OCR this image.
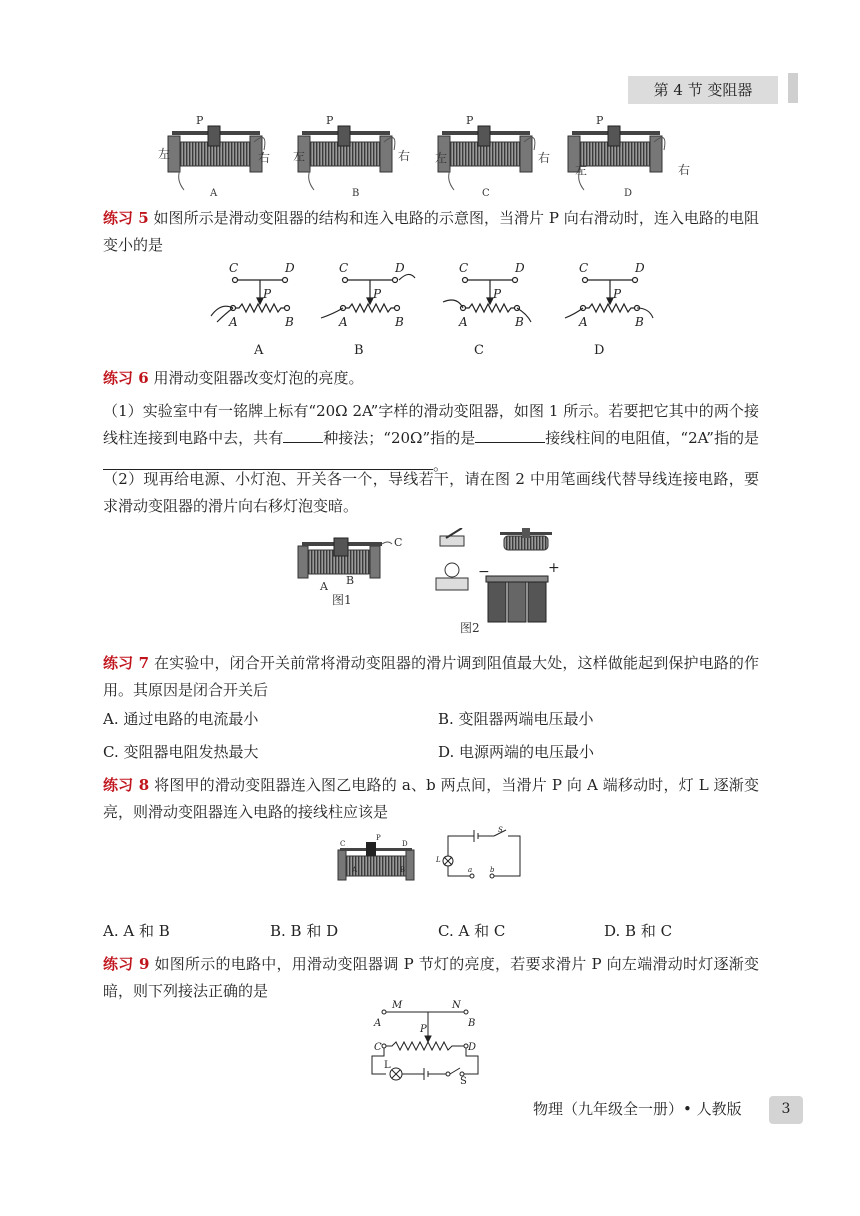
第 4 节 变阻器
P	P	P	P
左	右 左	右 左	右
左	右
A	B	C	D
练习 5 如图所示是滑动变阻器的结构和连入电路的示意图，当滑片 P 向右滑动时，连入电路的电阻变小的是
C	D
P
A	B
C	D
P
A	B
C	D
P
A	B
C	D
P
A	B
A	B	C	D
练习 6 用滑动变阻器改变灯泡的亮度。
（1）实验室中有一铭牌上标有“20Ω 2A”字样的滑动变阻器，如图 1 所示。若要把它其中的两个接线柱连接到电路中去，共有	种接法；“20Ω”指的是	接线柱间的电阻值，“2A”指的是。
（2）现再给电源、小灯泡、开关各一个，导线若干，请在图 2 中用笔画线代替导线连接电路，要求滑动变阻器的滑片向右移灯泡变暗。
A B
C
图1
−	+
图2
练习 7 在实验中，闭合开关前常将滑动变阻器的滑片调到阻值最大处，这样做能起到保护电路的作用。其原因是闭合开关后
A. 通过电路的电流最小	B. 变阻器两端电压最小
C. 变阻器电阻发热最大	D. 电源两端的电压最小
练习 8 将图甲的滑动变阻器连入图乙电路的 a、b 两点间，当滑片 P 向 A 端移动时，灯 L 逐渐变亮，则滑动变阻器连入电路的接线柱应该是
C
P
D
A	B
L
S
a	b
A. A 和 B	B. B 和 D	C. A 和 C	D. B 和 C
练习 9 如图所示的电路中，用滑动变阻器调 P 节灯的亮度，若要求滑片 P 向左端滑动时灯逐渐变暗，则下列接法正确的是
M	N
A	B
P
C	D
L
S
物理（九年级全一册）• 人教版	3
